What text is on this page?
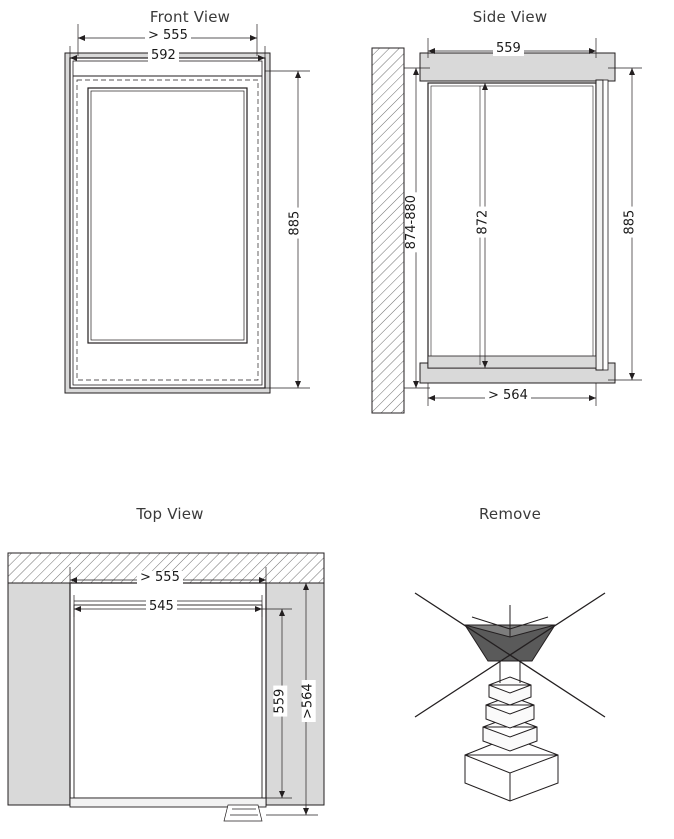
Front View
> 555
592
885
Side View
559
874-880	872	885
> 564
Top View
> 555
545
559 >564
Remove
